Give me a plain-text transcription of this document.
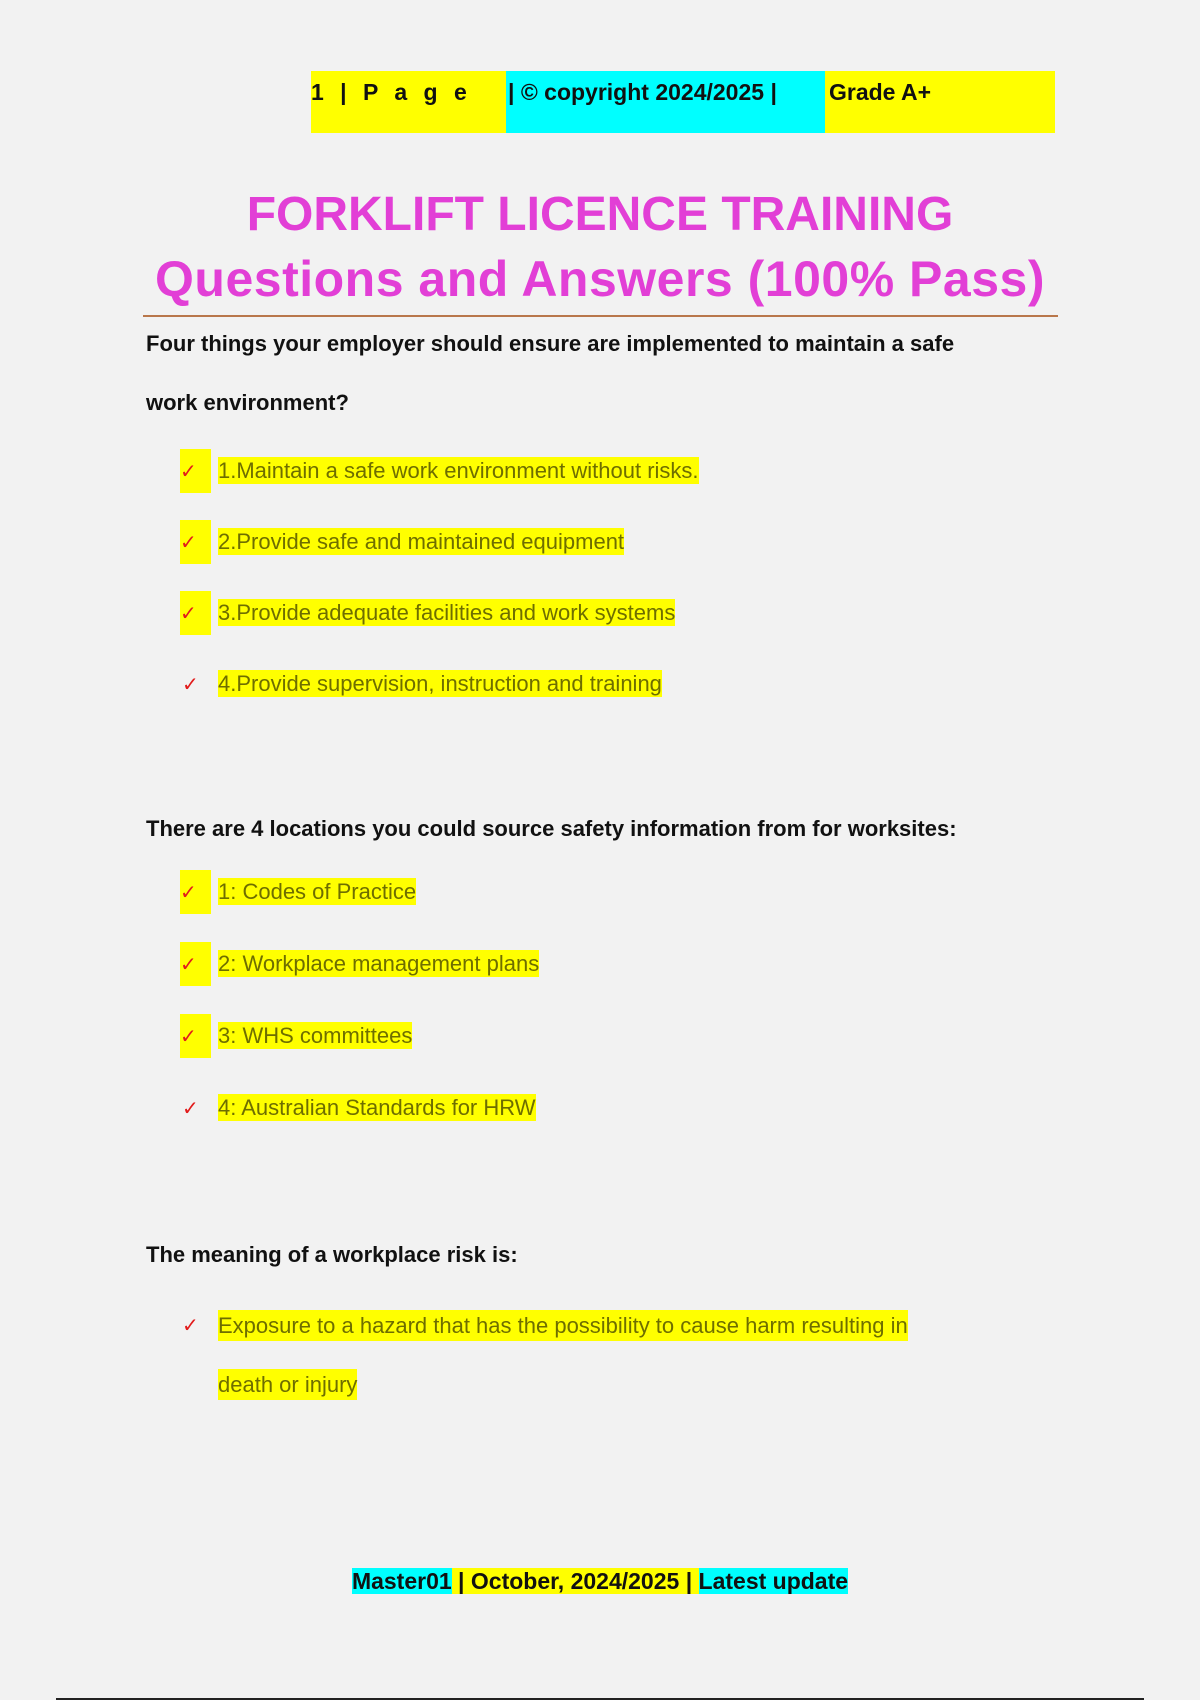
1 | P a g e	| © copyright 2024/2025 |	Grade A+
FORKLIFT LICENCE TRAINING
Questions and Answers (100% Pass)

Four things your employer should ensure are implemented to maintain a safe
work environment?

✓ 1.Maintain a safe work environment without risks.
✓ 2.Provide safe and maintained equipment
✓ 3.Provide adequate facilities and work systems
✓ 4.Provide supervision, instruction and training

There are 4 locations you could source safety information from for worksites:

✓ 1: Codes of Practice
✓ 2: Workplace management plans
✓ 3: WHS committees
✓ 4: Australian Standards for HRW

The meaning of a workplace risk is:

✓ Exposure to a hazard that has the possibility to cause harm resulting in
death or injury
Master01 | October, 2024/2025 | Latest update
